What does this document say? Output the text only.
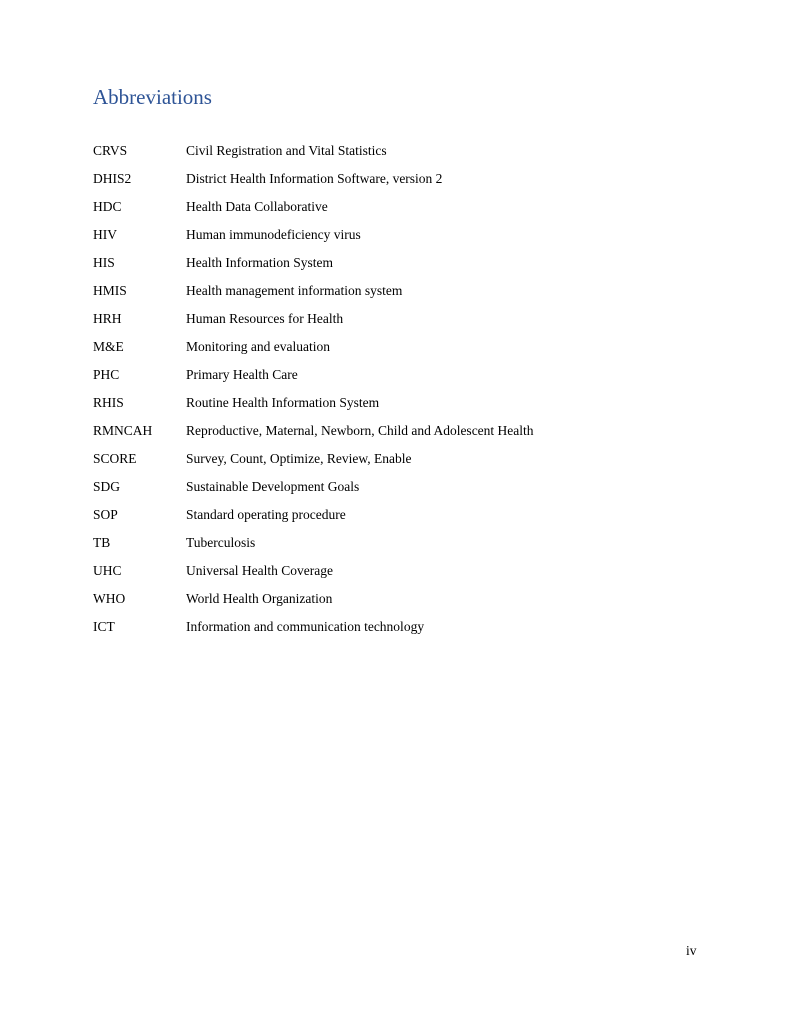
Abbreviations
CRVS	Civil Registration and Vital Statistics
DHIS2	District Health Information Software, version 2
HDC	Health Data Collaborative
HIV	Human immunodeficiency virus
HIS	Health Information System
HMIS	Health management information system
HRH	Human Resources for Health
M&E	Monitoring and evaluation
PHC	Primary Health Care
RHIS	Routine Health Information System
RMNCAH	Reproductive, Maternal, Newborn, Child and Adolescent Health
SCORE	Survey, Count, Optimize, Review, Enable
SDG	Sustainable Development Goals
SOP	Standard operating procedure
TB	Tuberculosis
UHC	Universal Health Coverage
WHO	World Health Organization
ICT	Information and communication technology
iv
